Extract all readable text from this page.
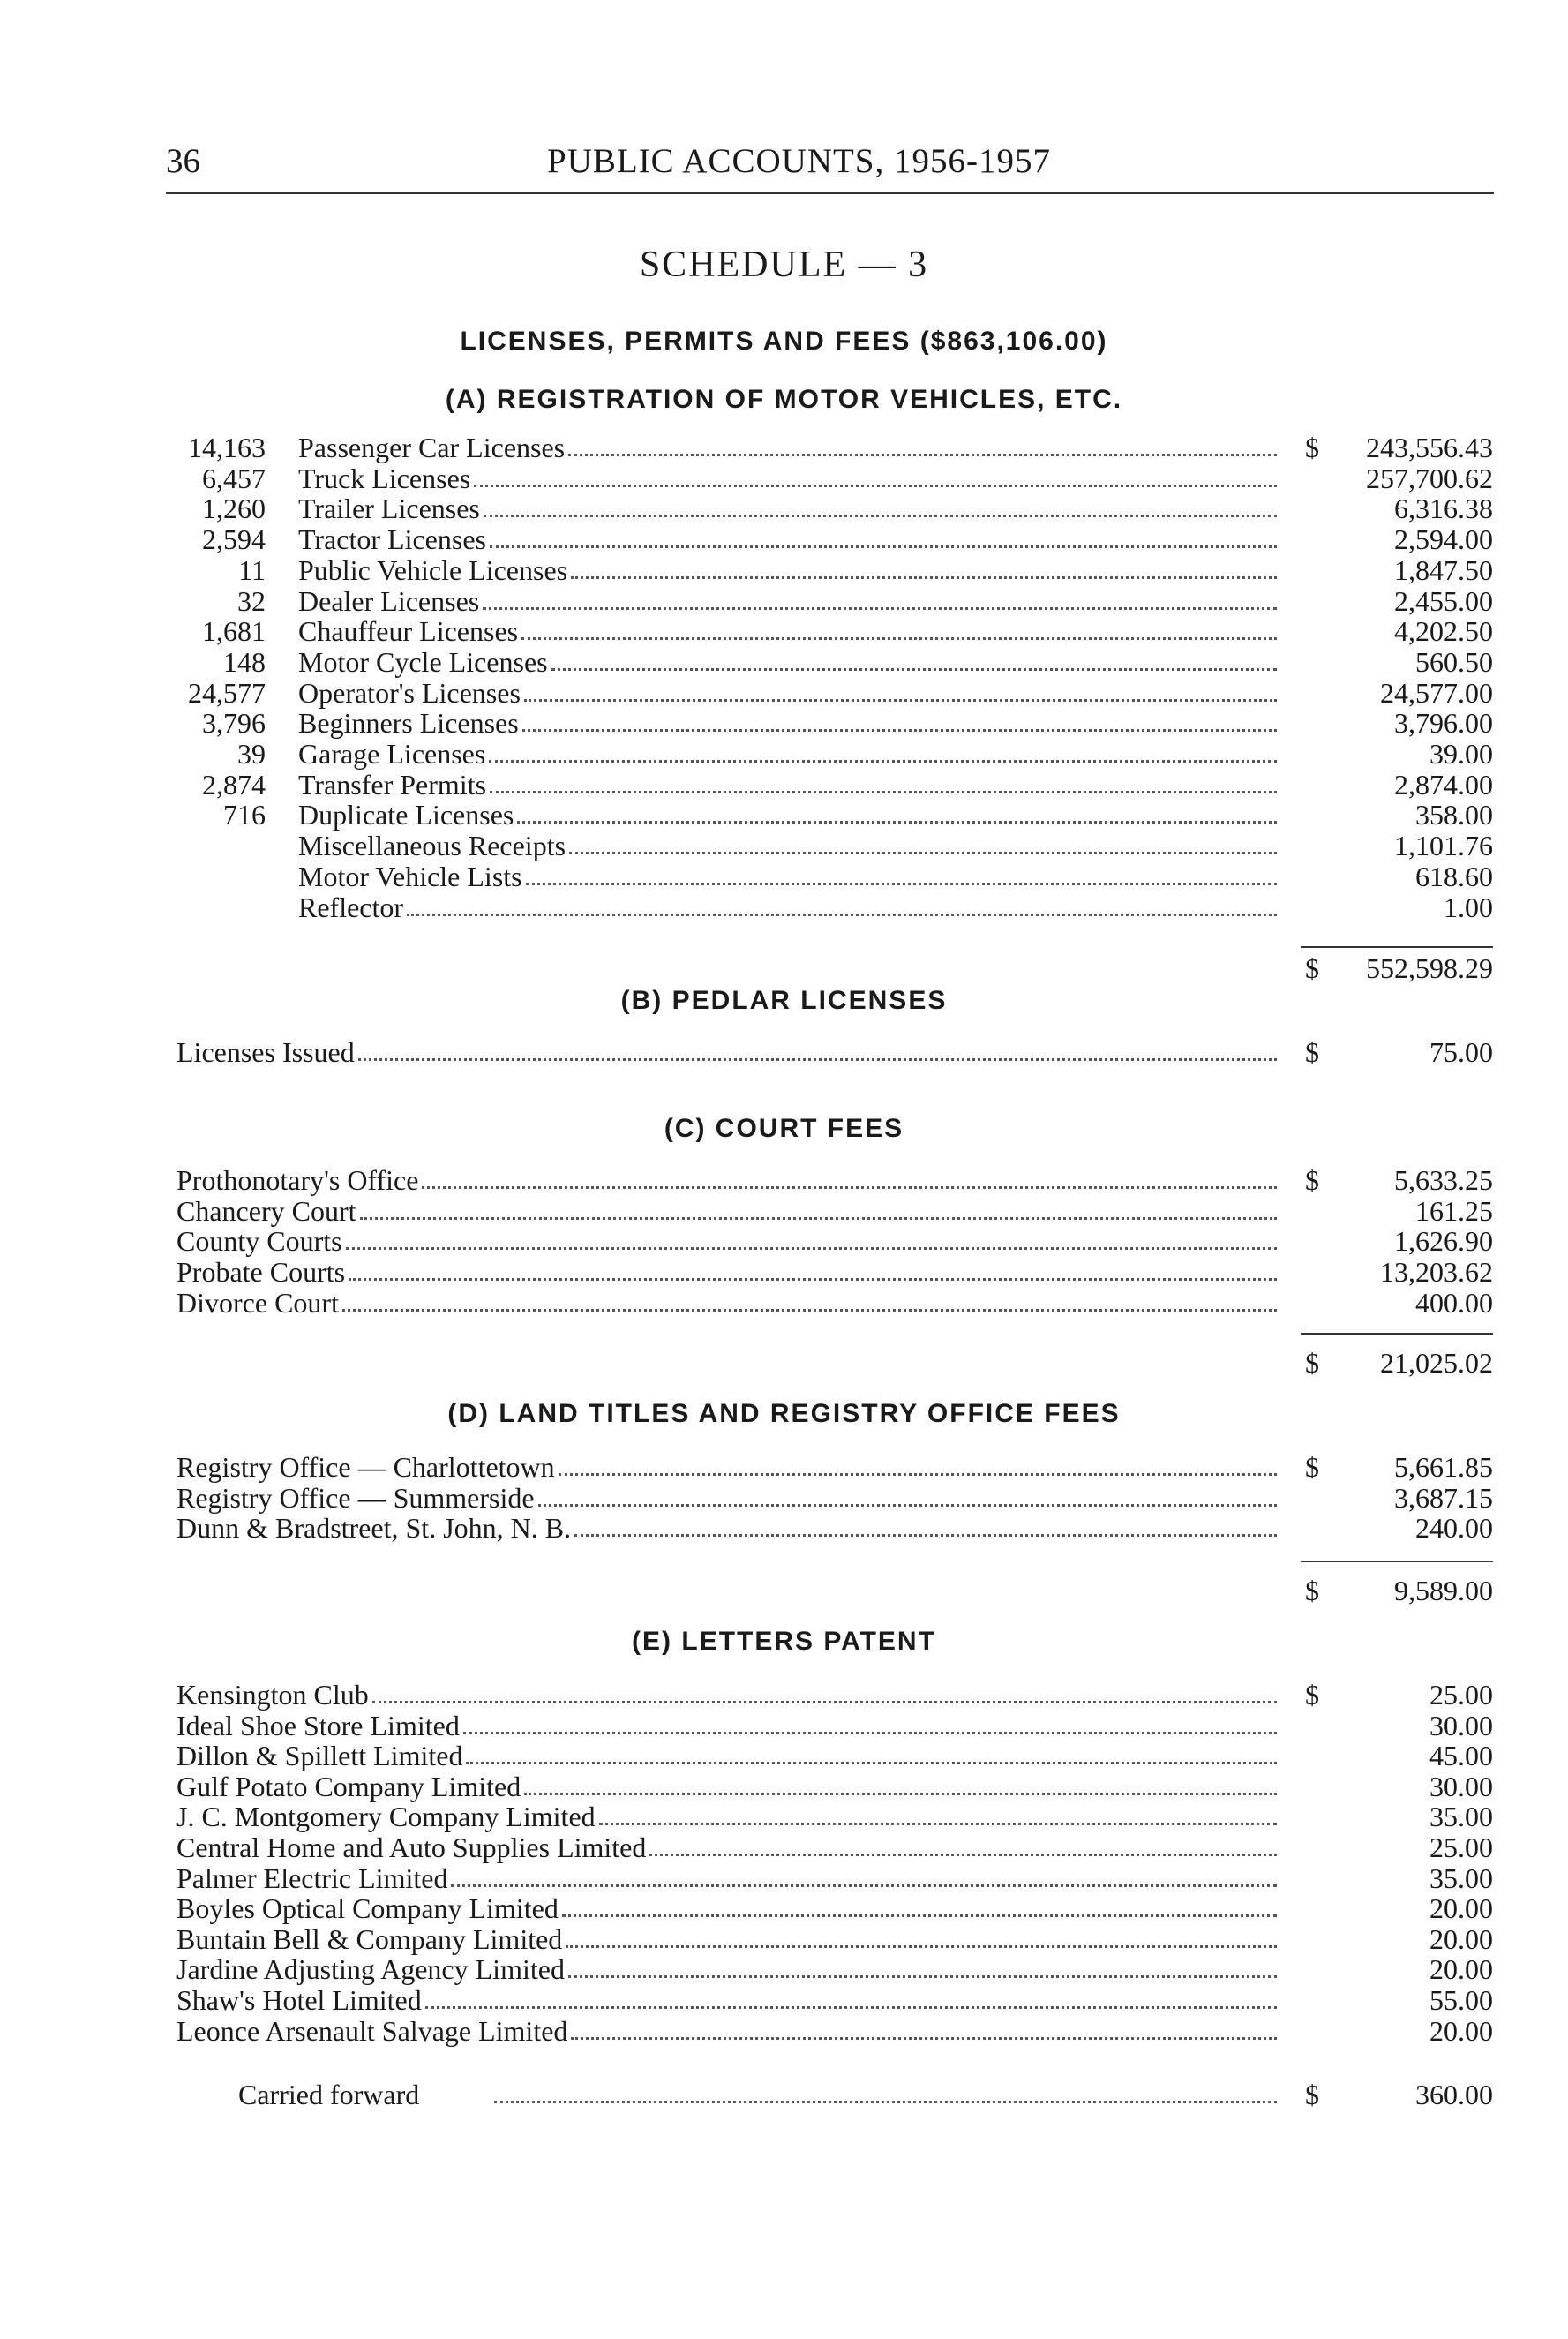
36	PUBLIC ACCOUNTS, 1956-1957
SCHEDULE — 3
LICENSES, PERMITS AND FEES ($863,106.00)
(A) REGISTRATION OF MOTOR VEHICLES, ETC.
14,163 Passenger Car Licenses	$ 243,556.43
6,457 Truck Licenses	257,700.62
1,260 Trailer Licenses	6,316.38
2,594 Tractor Licenses	2,594.00
11 Public Vehicle Licenses	1,847.50
32 Dealer Licenses	2,455.00
1,681 Chauffeur Licenses	4,202.50
148 Motor Cycle Licenses	560.50
24,577 Operator's Licenses	24,577.00
3,796 Beginners Licenses	3,796.00
39 Garage Licenses	39.00
2,874 Transfer Permits	2,874.00
716 Duplicate Licenses	358.00
Miscellaneous Receipts	1,101.76
Motor Vehicle Lists	618.60
Reflector	1.00
$ 552,598.29
(B) PEDLAR LICENSES
Licenses Issued	$	75.00
(C) COURT FEES
Prothonotary's Office	$	5,633.25
Chancery Court	161.25
County Courts	1,626.90
Probate Courts	13,203.62
Divorce Court	400.00
$ 21,025.02
(D) LAND TITLES AND REGISTRY OFFICE FEES
Registry Office — Charlottetown	$	5,661.85
Registry Office — Summerside	3,687.15
Dunn & Bradstreet, St. John, N. B.	240.00
$	9,589.00
(E) LETTERS PATENT
Kensington Club	$	25.00
Ideal Shoe Store Limited	30.00
Dillon & Spillett Limited	45.00
Gulf Potato Company Limited	30.00
J. C. Montgomery Company Limited	35.00
Central Home and Auto Supplies Limited	25.00
Palmer Electric Limited	35.00
Boyles Optical Company Limited	20.00
Buntain Bell & Company Limited	20.00
Jardine Adjusting Agency Limited	20.00
Shaw's Hotel Limited	55.00
Leonce Arsenault Salvage Limited	20.00
Carried forward	$	360.00
